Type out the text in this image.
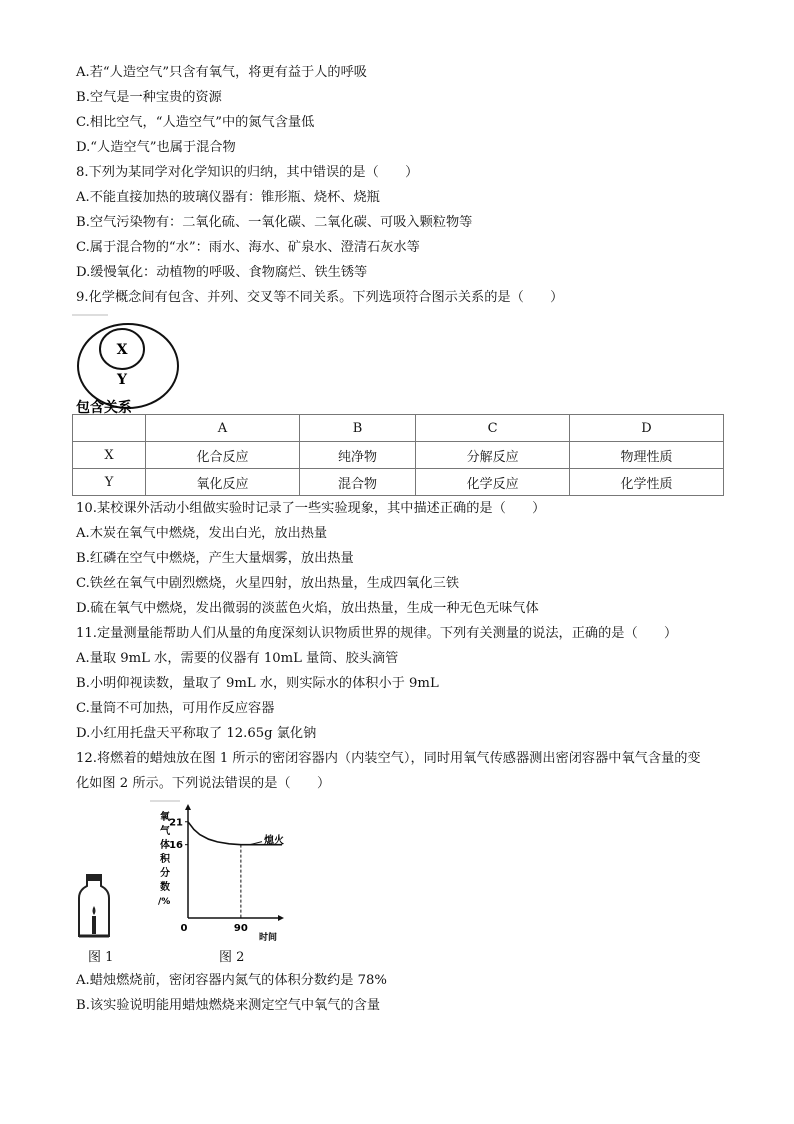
A.若“人造空气”只含有氧气，将更有益于人的呼吸
B.空气是一种宝贵的资源
C.相比空气，“人造空气”中的氮气含量低
D.“人造空气”也属于混合物
8.下列为某同学对化学知识的归纳，其中错误的是（　　）
A.不能直接加热的玻璃仪器有：锥形瓶、烧杯、烧瓶
B.空气污染物有：二氧化硫、一氧化碳、二氧化碳、可吸入颗粒物等
C.属于混合物的“水”：雨水、海水、矿泉水、澄清石灰水等
D.缓慢氧化：动植物的呼吸、食物腐烂、铁生锈等
9.化学概念间有包含、并列、交叉等不同关系。下列选项符合图示关系的是（　　）
X
Y
包含关系
	A	B	C	D
X	化合反应	纯净物	分解反应	物理性质
Y	氧化反应	混合物	化学反应	化学性质
10.某校课外活动小组做实验时记录了一些实验现象，其中描述正确的是（　　）
A.木炭在氧气中燃烧，发出白光，放出热量
B.红磷在空气中燃烧，产生大量烟雾，放出热量
C.铁丝在氧气中剧烈燃烧，火星四射，放出热量，生成四氧化三铁
D.硫在氧气中燃烧，发出微弱的淡蓝色火焰，放出热量，生成一种无色无味气体
11.定量测量能帮助人们从量的角度深刻认识物质世界的规律。下列有关测量的说法，正确的是（　　）
A.量取 9mL 水，需要的仪器有 10mL 量筒、胶头滴管
B.小明仰视读数，量取了 9mL 水，则实际水的体积小于 9mL
C.量筒不可加热，可用作反应容器
D.小红用托盘天平称取了 12.65g 氯化钠
12.将燃着的蜡烛放在图 1 所示的密闭容器内（内装空气），同时用氧气传感器测出密闭容器中氧气含量的变
化如图 2 所示。下列说法错误的是（　　）
氧
气
体
积
分
数
/%
21
16
0	90
时间
熄火
图 1	图 2
A.蜡烛燃烧前，密闭容器内氮气的体积分数约是 78%
B.该实验说明能用蜡烛燃烧来测定空气中氧气的含量
